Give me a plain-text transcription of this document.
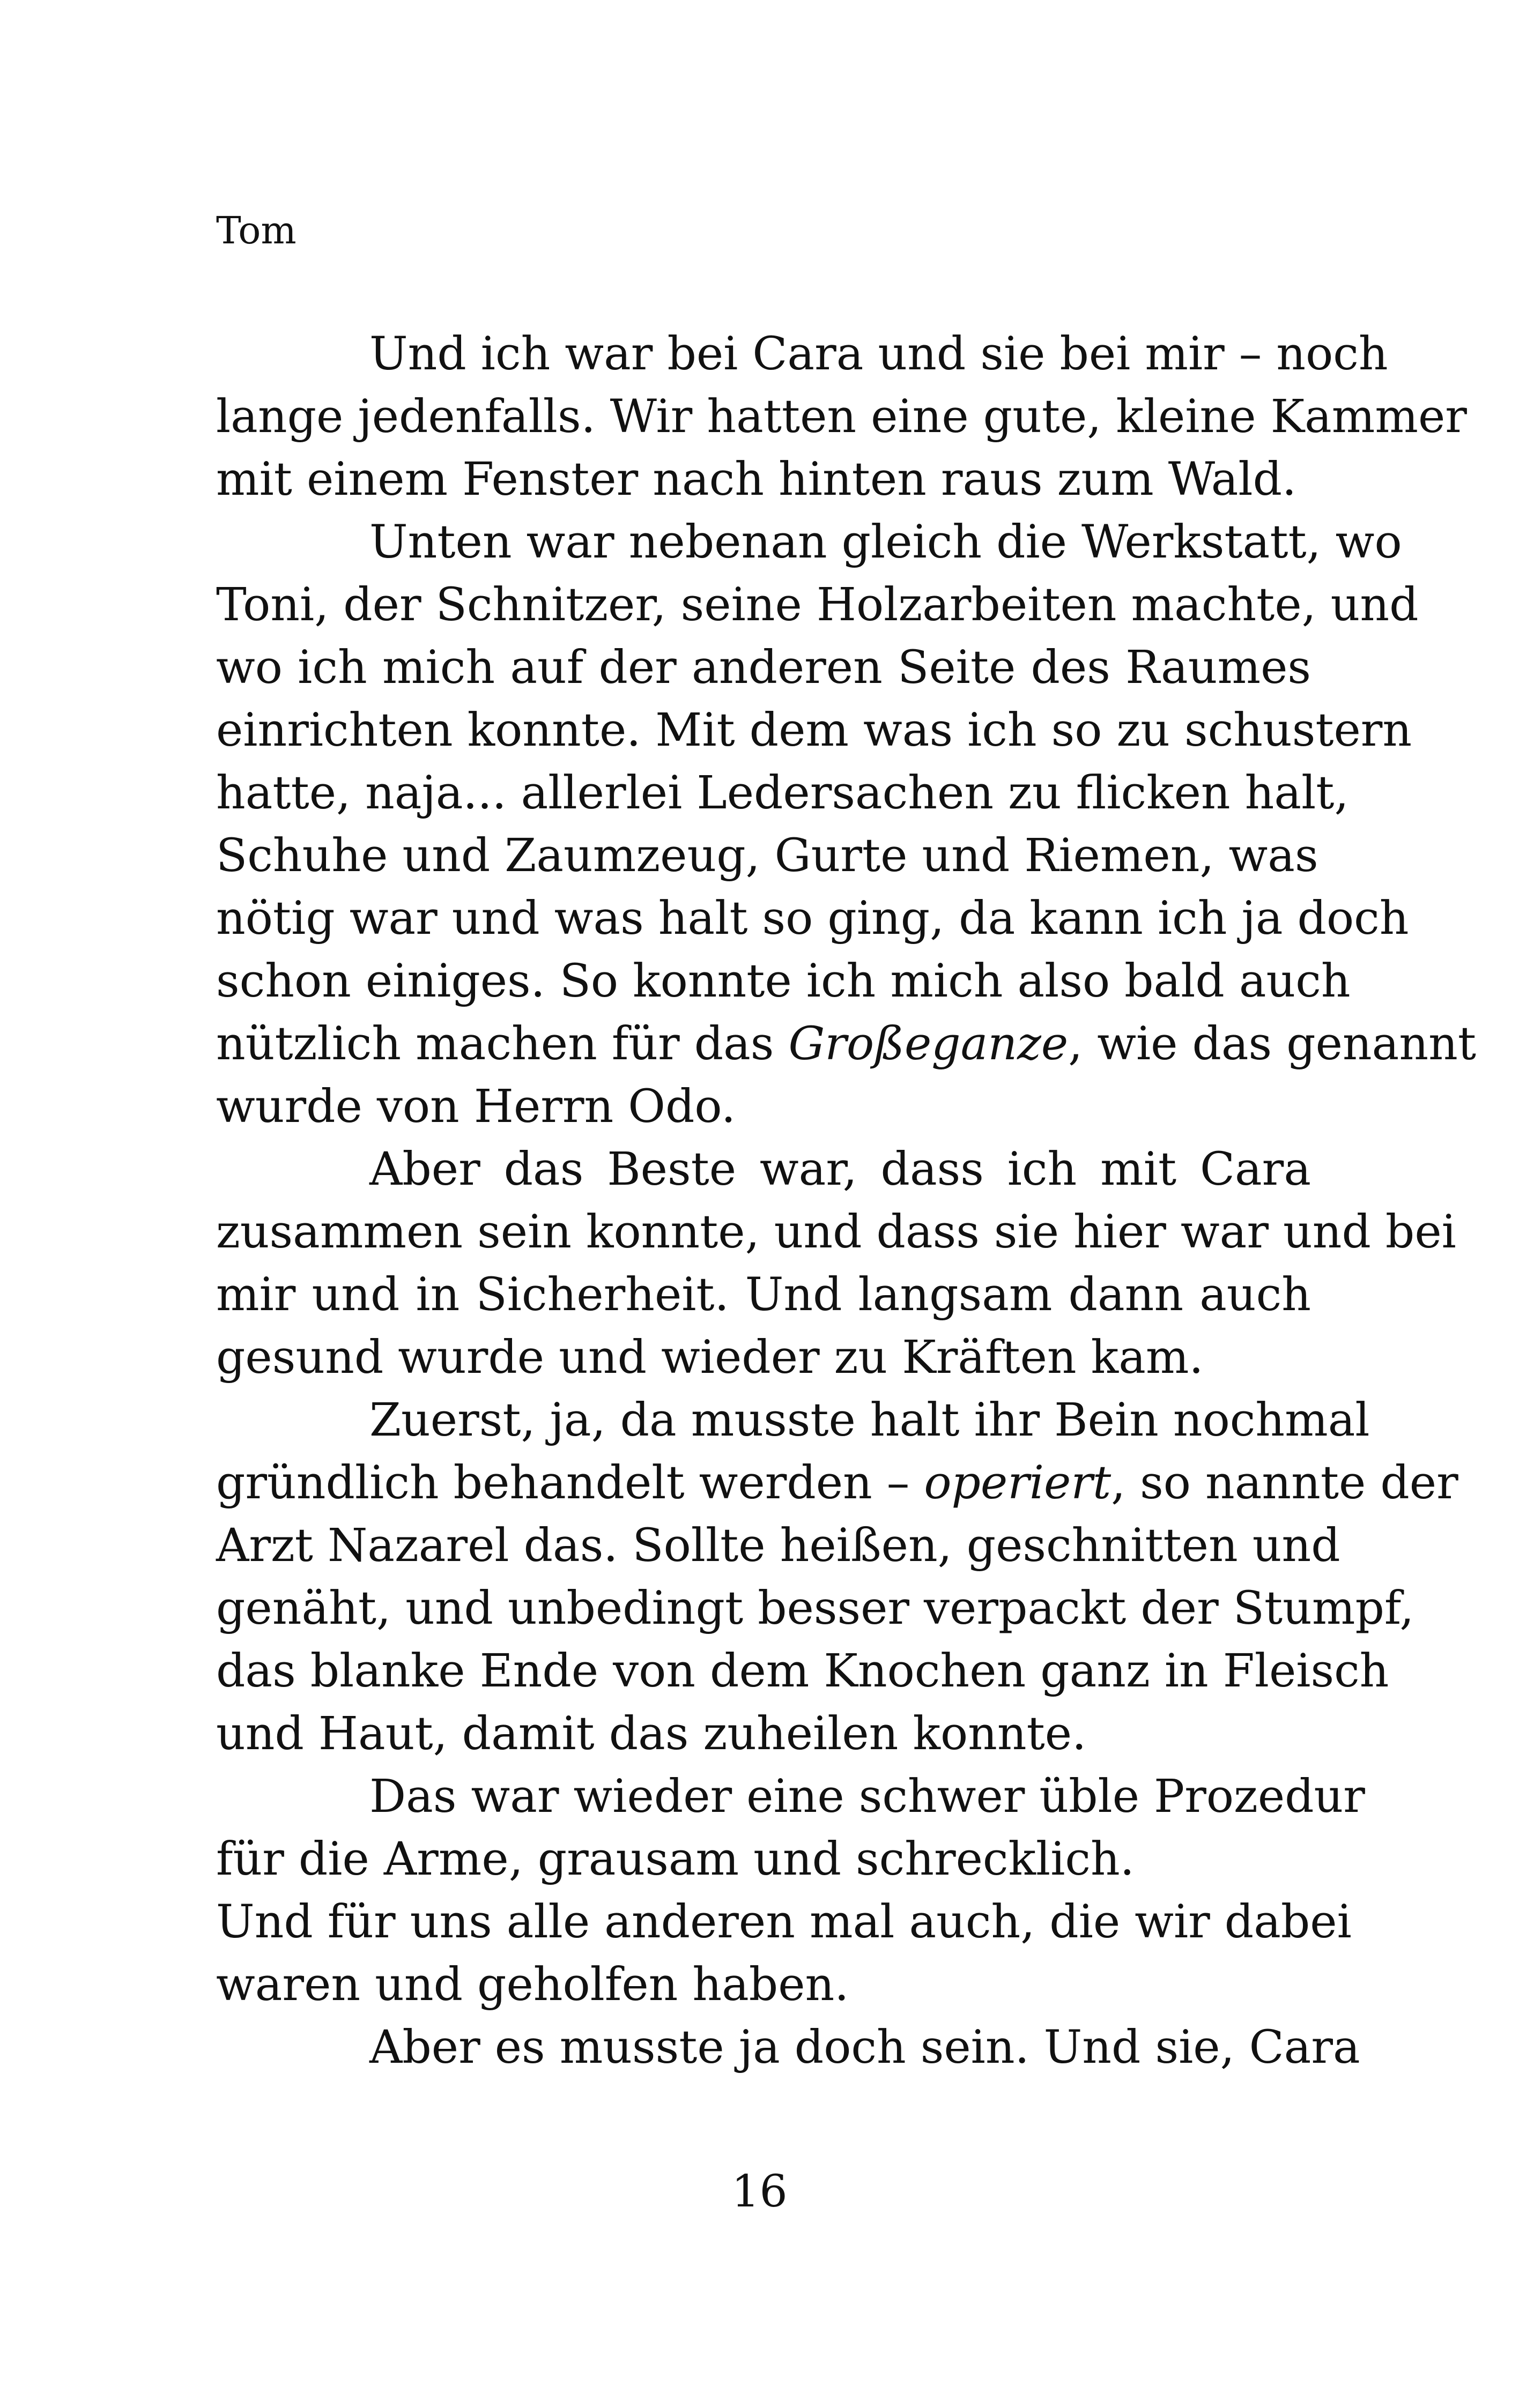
Tom
Und ich war bei Cara und sie bei mir – noch
lange jedenfalls. Wir hatten eine gute, kleine Kammer
mit einem Fenster nach hinten raus zum Wald.
Unten war nebenan gleich die Werkstatt, wo
Toni, der Schnitzer, seine Holzarbeiten machte, und
wo ich mich auf der anderen Seite des Raumes
einrichten konnte. Mit dem was ich so zu schustern
hatte, naja... allerlei Ledersachen zu flicken halt,
Schuhe und Zaumzeug, Gurte und Riemen, was
nötig war und was halt so ging, da kann ich ja doch
schon einiges. So konnte ich mich also bald auch
nützlich machen für das Großeganze, wie das genannt
wurde von Herrn Odo.
Aber das Beste war, dass ich mit Cara
zusammen sein konnte, und dass sie hier war und bei
mir und in Sicherheit. Und langsam dann auch
gesund wurde und wieder zu Kräften kam.
Zuerst, ja, da musste halt ihr Bein nochmal
gründlich behandelt werden – operiert, so nannte der
Arzt Nazarel das. Sollte heißen, geschnitten und
genäht, und unbedingt besser verpackt der Stumpf,
das blanke Ende von dem Knochen ganz in Fleisch
und Haut, damit das zuheilen konnte.
Das war wieder eine schwer üble Prozedur
für die Arme, grausam und schrecklich.
Und für uns alle anderen mal auch, die wir dabei
waren und geholfen haben.
Aber es musste ja doch sein. Und sie, Cara
16
